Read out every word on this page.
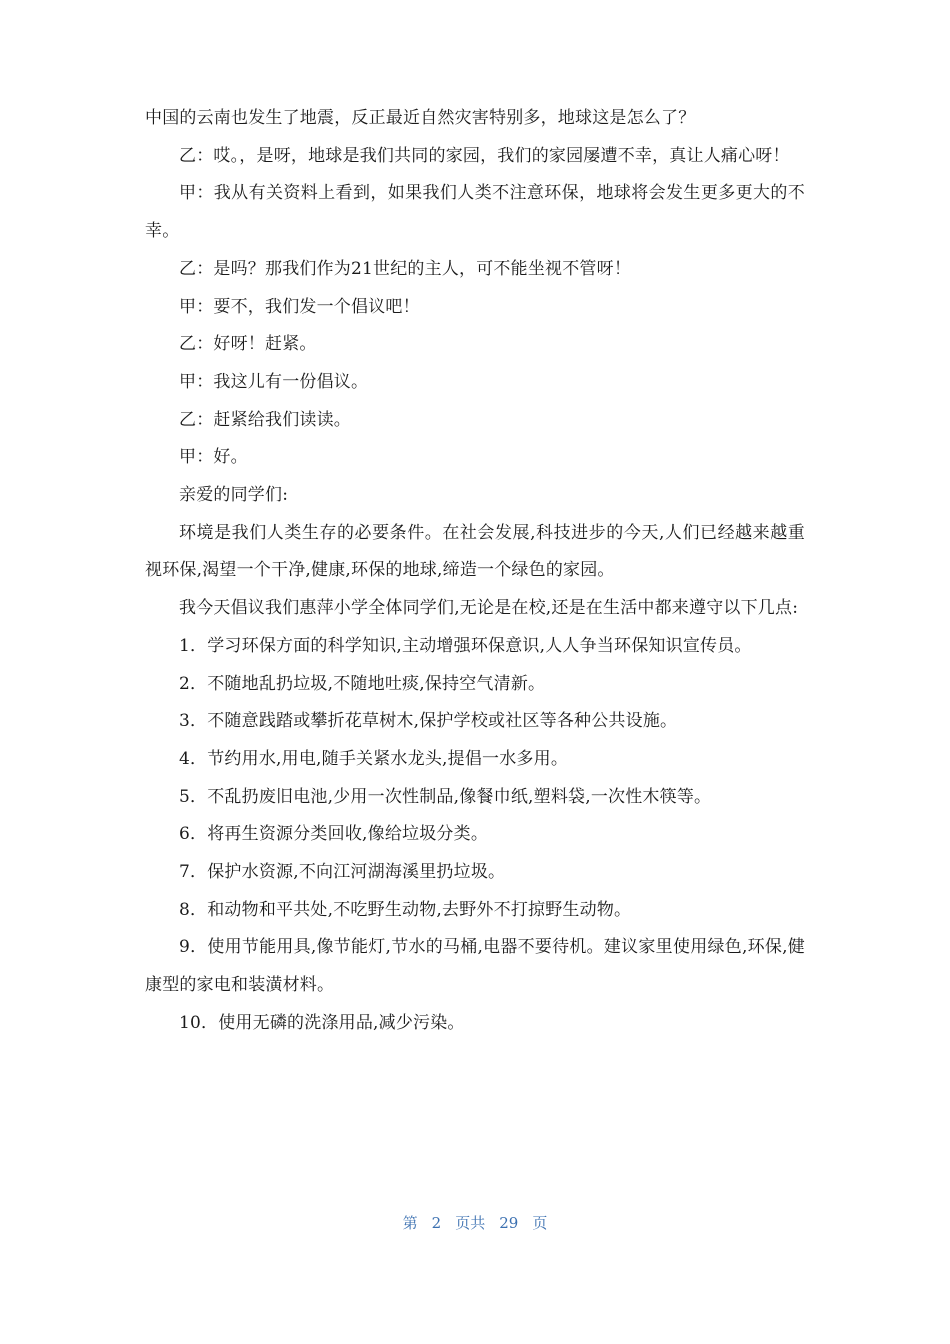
中国的云南也发生了地震，反正最近自然灾害特别多，地球这是怎么了？

乙：哎。，是呀，地球是我们共同的家园，我们的家园屡遭不幸，真让人痛心呀！

甲：我从有关资料上看到，如果我们人类不注意环保，地球将会发生更多更大的不幸。

乙：是吗？那我们作为21世纪的主人，可不能坐视不管呀！

甲：要不，我们发一个倡议吧！

乙：好呀！赶紧。

甲：我这儿有一份倡议。

乙：赶紧给我们读读。

甲：好。

亲爱的同学们:

环境是我们人类生存的必要条件。在社会发展,科技进步的今天,人们已经越来越重视环保,渴望一个干净,健康,环保的地球,缔造一个绿色的家园。

我今天倡议我们惠萍小学全体同学们,无论是在校,还是在生活中都来遵守以下几点:

1．学习环保方面的科学知识,主动增强环保意识,人人争当环保知识宣传员。

2．不随地乱扔垃圾,不随地吐痰,保持空气清新。

3．不随意践踏或攀折花草树木,保护学校或社区等各种公共设施。

4．节约用水,用电,随手关紧水龙头,提倡一水多用。

5．不乱扔废旧电池,少用一次性制品,像餐巾纸,塑料袋,一次性木筷等。

6．将再生资源分类回收,像给垃圾分类。

7．保护水资源,不向江河湖海溪里扔垃圾。

8．和动物和平共处,不吃野生动物,去野外不打掠野生动物。

9．使用节能用具,像节能灯,节水的马桶,电器不要待机。建议家里使用绿色,环保,健康型的家电和装潢材料。

10．使用无磷的洗涤用品,减少污染。

第 2 页共 29 页
